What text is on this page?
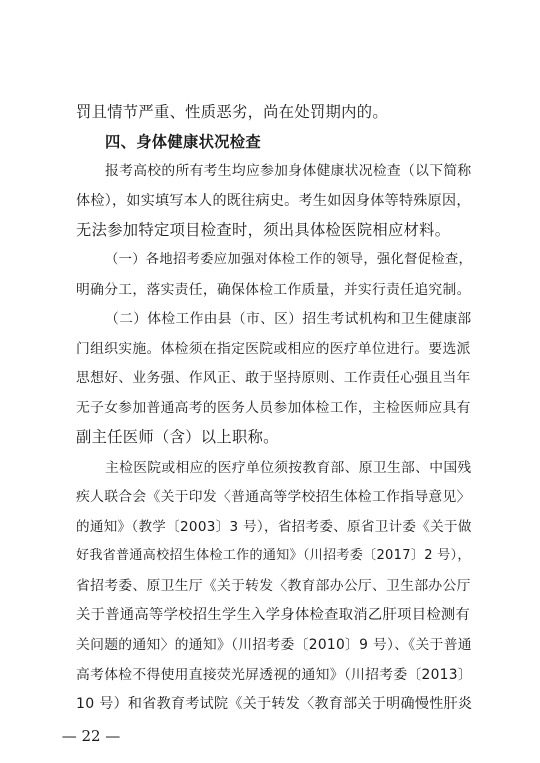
罚且情节严重、性质恶劣，尚在处罚期内的。
四、身体健康状况检查
报考高校的所有考生均应参加身体健康状况检查（以下简称
体检），如实填写本人的既往病史。考生如因身体等特殊原因，
无法参加特定项目检查时，须出具体检医院相应材料。
（一）各地招考委应加强对体检工作的领导，强化督促检查，
明确分工，落实责任，确保体检工作质量，并实行责任追究制。
（二）体检工作由县（市、区）招生考试机构和卫生健康部
门组织实施。体检须在指定医院或相应的医疗单位进行。要选派
思想好、业务强、作风正、敢于坚持原则、工作责任心强且当年
无子女参加普通高考的医务人员参加体检工作，主检医师应具有
副主任医师（含）以上职称。
主检医院或相应的医疗单位须按教育部、原卫生部、中国残
疾人联合会《关于印发〈普通高等学校招生体检工作指导意见〉
的通知》（教学〔2003〕3 号），省招考委、原省卫计委《关于做
好我省普通高校招生体检工作的通知》（川招考委〔2017〕2 号），
省招考委、原卫生厅《关于转发〈教育部办公厅、卫生部办公厅
关于普通高等学校招生学生入学身体检查取消乙肝项目检测有
关问题的通知〉的通知》（川招考委〔2010〕9 号）、《关于普通
高考体检不得使用直接荧光屏透视的通知》（川招考委〔2013〕
10 号）和省教育考试院《关于转发〈教育部关于明确慢性肝炎
— 22 —
